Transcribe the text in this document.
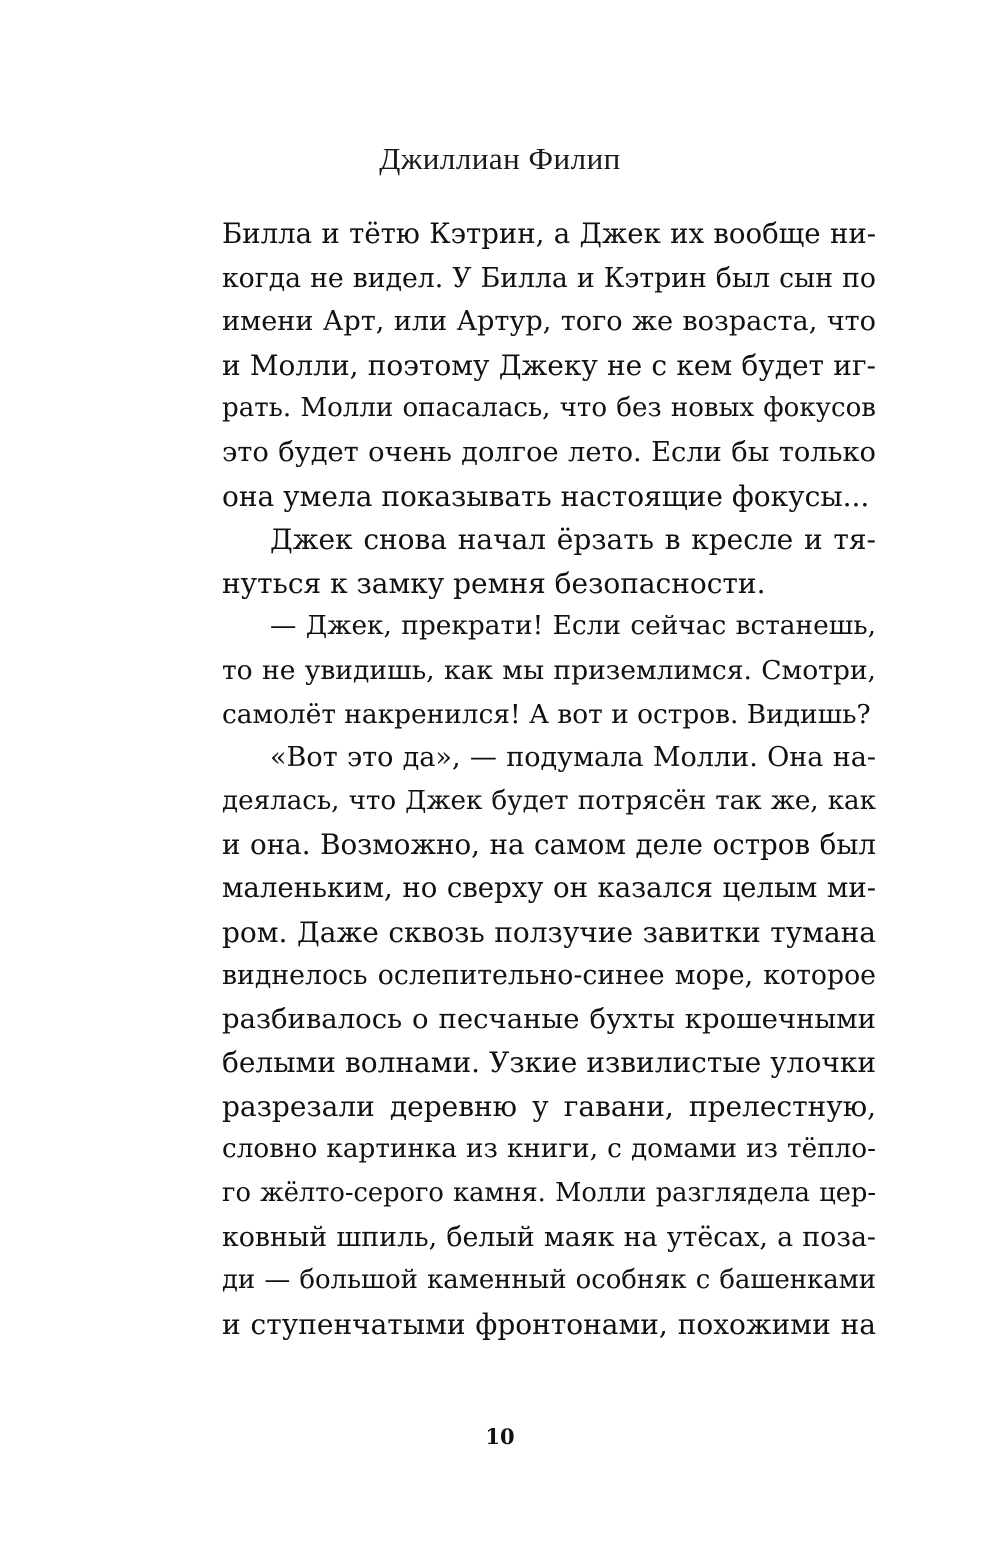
Джиллиан Филип
Билла и тётю Кэтрин, а Джек их вообще ни-
когда не видел. У Билла и Кэтрин был сын по
имени Арт, или Артур, того же возраста, что
и Молли, поэтому Джеку не с кем будет иг-
рать. Молли опасалась, что без новых фокусов
это будет очень долгое лето. Если бы только
она умела показывать настоящие фокусы...
Джек снова начал ёрзать в кресле и тя-
нуться к замку ремня безопасности.
— Джек, прекрати! Если сейчас встанешь,
то не увидишь, как мы приземлимся. Смотри,
самолёт накренился! А вот и остров. Видишь?
«Вот это да», — подумала Молли. Она на-
деялась, что Джек будет потрясён так же, как
и она. Возможно, на самом деле остров был
маленьким, но сверху он казался целым ми-
ром. Даже сквозь ползучие завитки тумана
виднелось ослепительно-синее море, которое
разбивалось о песчаные бухты крошечными
белыми волнами. Узкие извилистые улочки
разрезали деревню у гавани, прелестную,
словно картинка из книги, с домами из тёпло-
го жёлто-серого камня. Молли разглядела цер-
ковный шпиль, белый маяк на утёсах, а поза-
ди — большой каменный особняк с башенками
и ступенчатыми фронтонами, похожими на
10
